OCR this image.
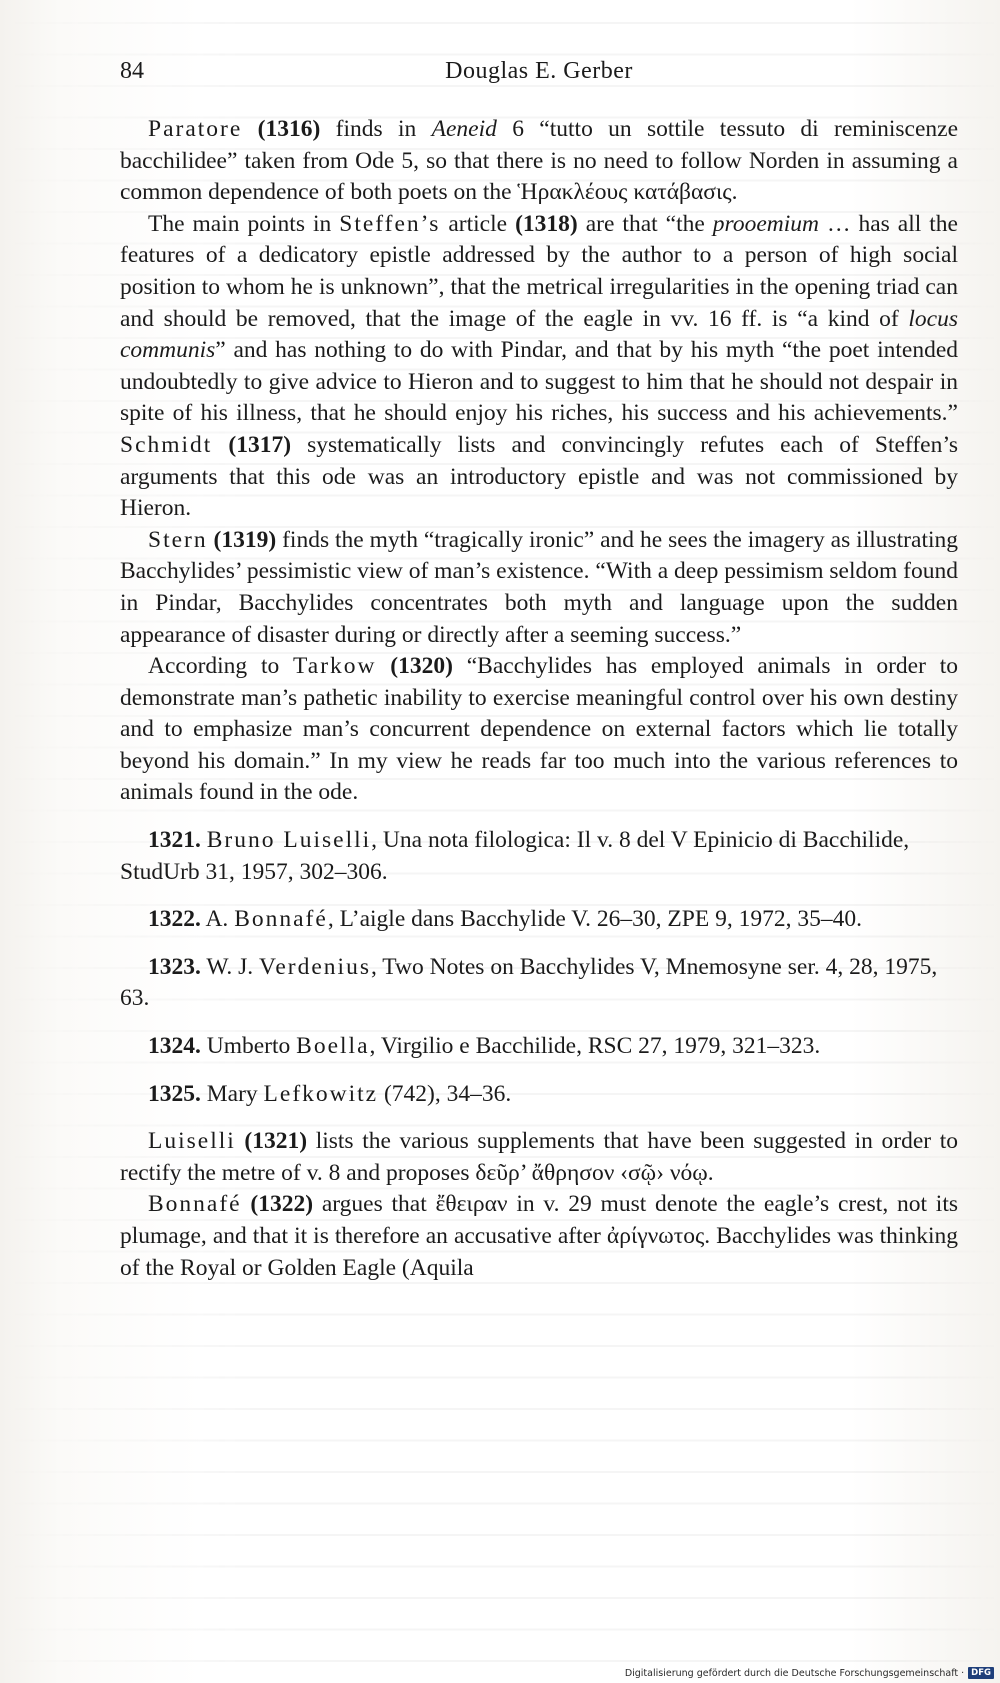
84	Douglas E. Gerber

Paratore (1316) finds in Aeneid 6 “tutto un sottile tessuto di reminiscenze bacchilidee” taken from Ode 5, so that there is no need to follow Norden in assuming a common dependence of both poets on the Ἡρακλέους κατάβασις.

The main points in Steffen’s article (1318) are that “the prooemium … has all the features of a dedicatory epistle addressed by the author to a person of high social position to whom he is unknown”, that the metrical irregularities in the opening triad can and should be removed, that the image of the eagle in vv. 16 ff. is “a kind of locus communis” and has nothing to do with Pindar, and that by his myth “the poet intended undoubtedly to give advice to Hieron and to suggest to him that he should not despair in spite of his illness, that he should enjoy his riches, his success and his achievements.” Schmidt (1317) systematically lists and convincingly refutes each of Steffen’s arguments that this ode was an introductory epistle and was not commissioned by Hieron.

Stern (1319) finds the myth “tragically ironic” and he sees the imagery as illustrating Bacchylides’ pessimistic view of man’s existence. “With a deep pessimism seldom found in Pindar, Bacchylides concentrates both myth and language upon the sudden appearance of disaster during or directly after a seeming success.”

According to Tarkow (1320) “Bacchylides has employed animals in order to demonstrate man’s pathetic inability to exercise meaningful control over his own destiny and to emphasize man’s concurrent dependence on external factors which lie totally beyond his domain.” In my view he reads far too much into the various references to animals found in the ode.

1321. Bruno Luiselli, Una nota filologica: Il v. 8 del V Epinicio di Bacchilide, StudUrb 31, 1957, 302–306.

1322. A. Bonnafé, L’aigle dans Bacchylide V. 26–30, ZPE 9, 1972, 35–40.

1323. W. J. Verdenius, Two Notes on Bacchylides V, Mnemosyne ser. 4, 28, 1975, 63.

1324. Umberto Boella, Virgilio e Bacchilide, RSC 27, 1979, 321–323.

1325. Mary Lefkowitz (742), 34–36.

Luiselli (1321) lists the various supplements that have been suggested in order to rectify the metre of v. 8 and proposes δεῦρ’ ἄθρησον ‹σῷ› νόῳ.

Bonnafé (1322) argues that ἔθειραν in v. 29 must denote the eagle’s crest, not its plumage, and that it is therefore an accusative after ἀρίγνωτος. Bacchylides was thinking of the Royal or Golden Eagle (Aquila

Digitalisierung gefördert durch die Deutsche Forschungsgemeinschaft · DFG
